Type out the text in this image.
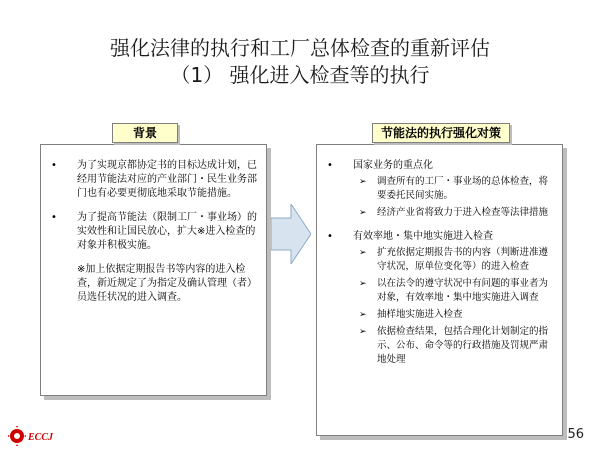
强化法律的执行和工厂总体检查的重新评估
（1） 强化进入检查等的执行
• 为了实现京都协定书的目标达成计划，已经用节能法对应的产业部门・民生业务部门也有必要更彻底地采取节能措施。
• 为了提高节能法（限制工厂・事业场）的实效性和让国民放心，扩大※进入检查的对象并积极实施。
※加上依据定期报告书等内容的进入检查，新近规定了为指定及确认管理（者）员选任状况的进入调查。
背景
• 国家业务的重点化
➢ 调查所有的工厂・事业场的总体检查，将要委托民间实施。
➢ 经济产业省将致力于进入检查等法律措施
• 有效率地・集中地实施进入检查
➢ 扩充依据定期报告书的内容（判断进准遵守状况，原单位变化等）的进入检查
➢ 以在法令的遵守状况中有问题的事业者为对象，有效率地・集中地实施进入调查
➢ 抽样地实施进入检查
➢ 依据检查结果，包括合理化计划制定的指示、公布、命令等的行政措施及罚规严肃地处理
节能法的执行强化对策
ECCJ	56
